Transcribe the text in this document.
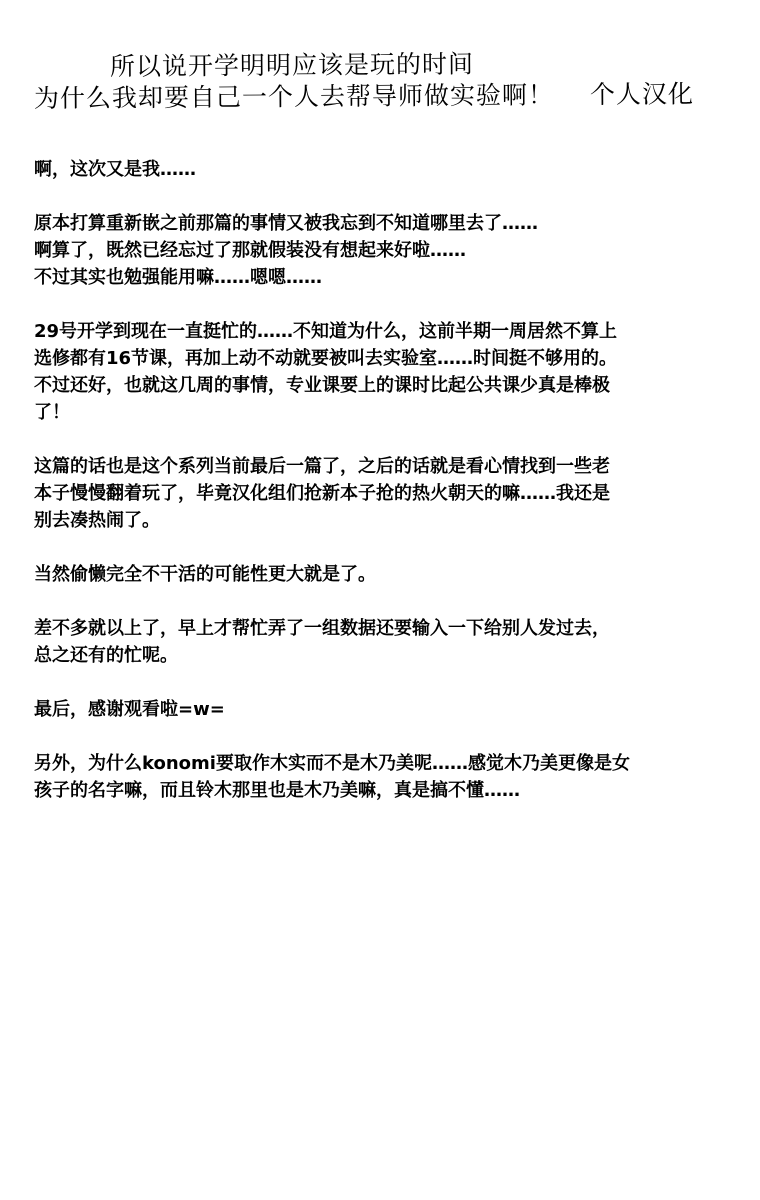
所以说开学明明应该是玩的时间
为什么我却要自己一个人去帮导师做实验啊！ 个人汉化

啊，这次又是我……

原本打算重新嵌之前那篇的事情又被我忘到不知道哪里去了……
啊算了，既然已经忘过了那就假装没有想起来好啦……
不过其实也勉强能用嘛……嗯嗯……

29号开学到现在一直挺忙的……不知道为什么，这前半期一周居然不算上
选修都有16节课，再加上动不动就要被叫去实验室……时间挺不够用的。
不过还好，也就这几周的事情，专业课要上的课时比起公共课少真是棒极
了！

这篇的话也是这个系列当前最后一篇了，之后的话就是看心情找到一些老
本子慢慢翻着玩了，毕竟汉化组们抢新本子抢的热火朝天的嘛……我还是
别去凑热闹了。

当然偷懒完全不干活的可能性更大就是了。

差不多就以上了，早上才帮忙弄了一组数据还要输入一下给别人发过去，
总之还有的忙呢。

最后，感谢观看啦=w=

另外，为什么konomi要取作木实而不是木乃美呢……感觉木乃美更像是女
孩子的名字嘛，而且铃木那里也是木乃美嘛，真是搞不懂……
